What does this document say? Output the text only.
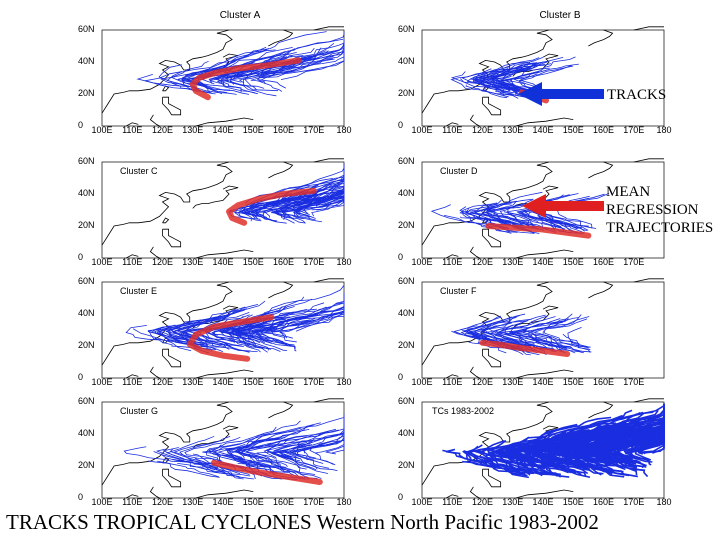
Cluster A
60N
40N
20N
0 100E 110E 120E 130E 140E 150E 160E 170E 180
Cluster B
60N
40N
20N
0 100E 110E 120E 130E 140E 150E 160E 170E 180
60N
40N
20N
0 100E 110E 120E 130E 140E 150E 160E 170E 180
Cluster C
60N
40N
20N
0 100E 110E 120E 130E 140E 150E 160E 170E
Cluster D
60N
40N
20N
0 100E 110E 120E 130E 140E 150E 160E 170E 180
Cluster E
60N
40N
20N
0 100E 110E 120E 130E 140E 150E 160E 170E
Cluster F
60N
40N
20N
0 100E 110E 120E 130E 140E 150E 160E 170E 180
Cluster G
60N
40N
20N
0 100E 110E 120E 130E 140E 150E 160E 170E 180
TCs 1983-2002
TRACKS
MEAN
REGRESSION
TRAJECTORIES
TRACKS TROPICAL CYCLONES Western North Pacific 1983-2002
